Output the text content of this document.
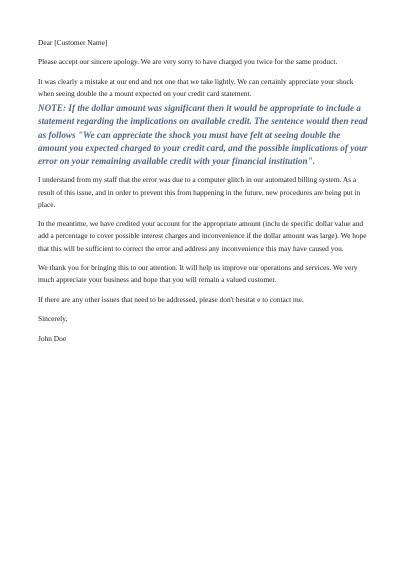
Dear [Customer Name]

Please accept our sincere apology. We are very sorry to have charged you twice for the same product.

It was clearly a mistake at our end and not one that we take lightly. We can certainly appreciate your shock when seeing double the a mount expected on your credit card statement.

NOTE: If the dollar amount was significant then it would be appropriate to include a statement regarding the implications on available credit. The sentence would then read as follows "We can appreciate the shock you must have felt at seeing double the amount you expected charged to your credit card, and the possible implications of your error on your remaining available credit with your financial institution".

I understand from my staff that the error was due to a computer glitch in our automated billing system. As a result of this issue, and in order to prevent this from happening in the future, new procedures are being put in place.

In the meantime, we have credited your account for the appropriate amount (inclu de specific dollar value and add a percentage to cover possible interest charges and inconvenience if the dollar amount was large). We hope that this will be sufficient to correct the error and address any inconvenience this may have caused you.

We thank you for bringing this to our attention. It will help us improve our operations and services. We very much appreciate your business and hope that you will remain a valued customer.

If there are any other issues that need to be addressed, please don't hesitat e to contact me.

Sincerely,

John Doe
